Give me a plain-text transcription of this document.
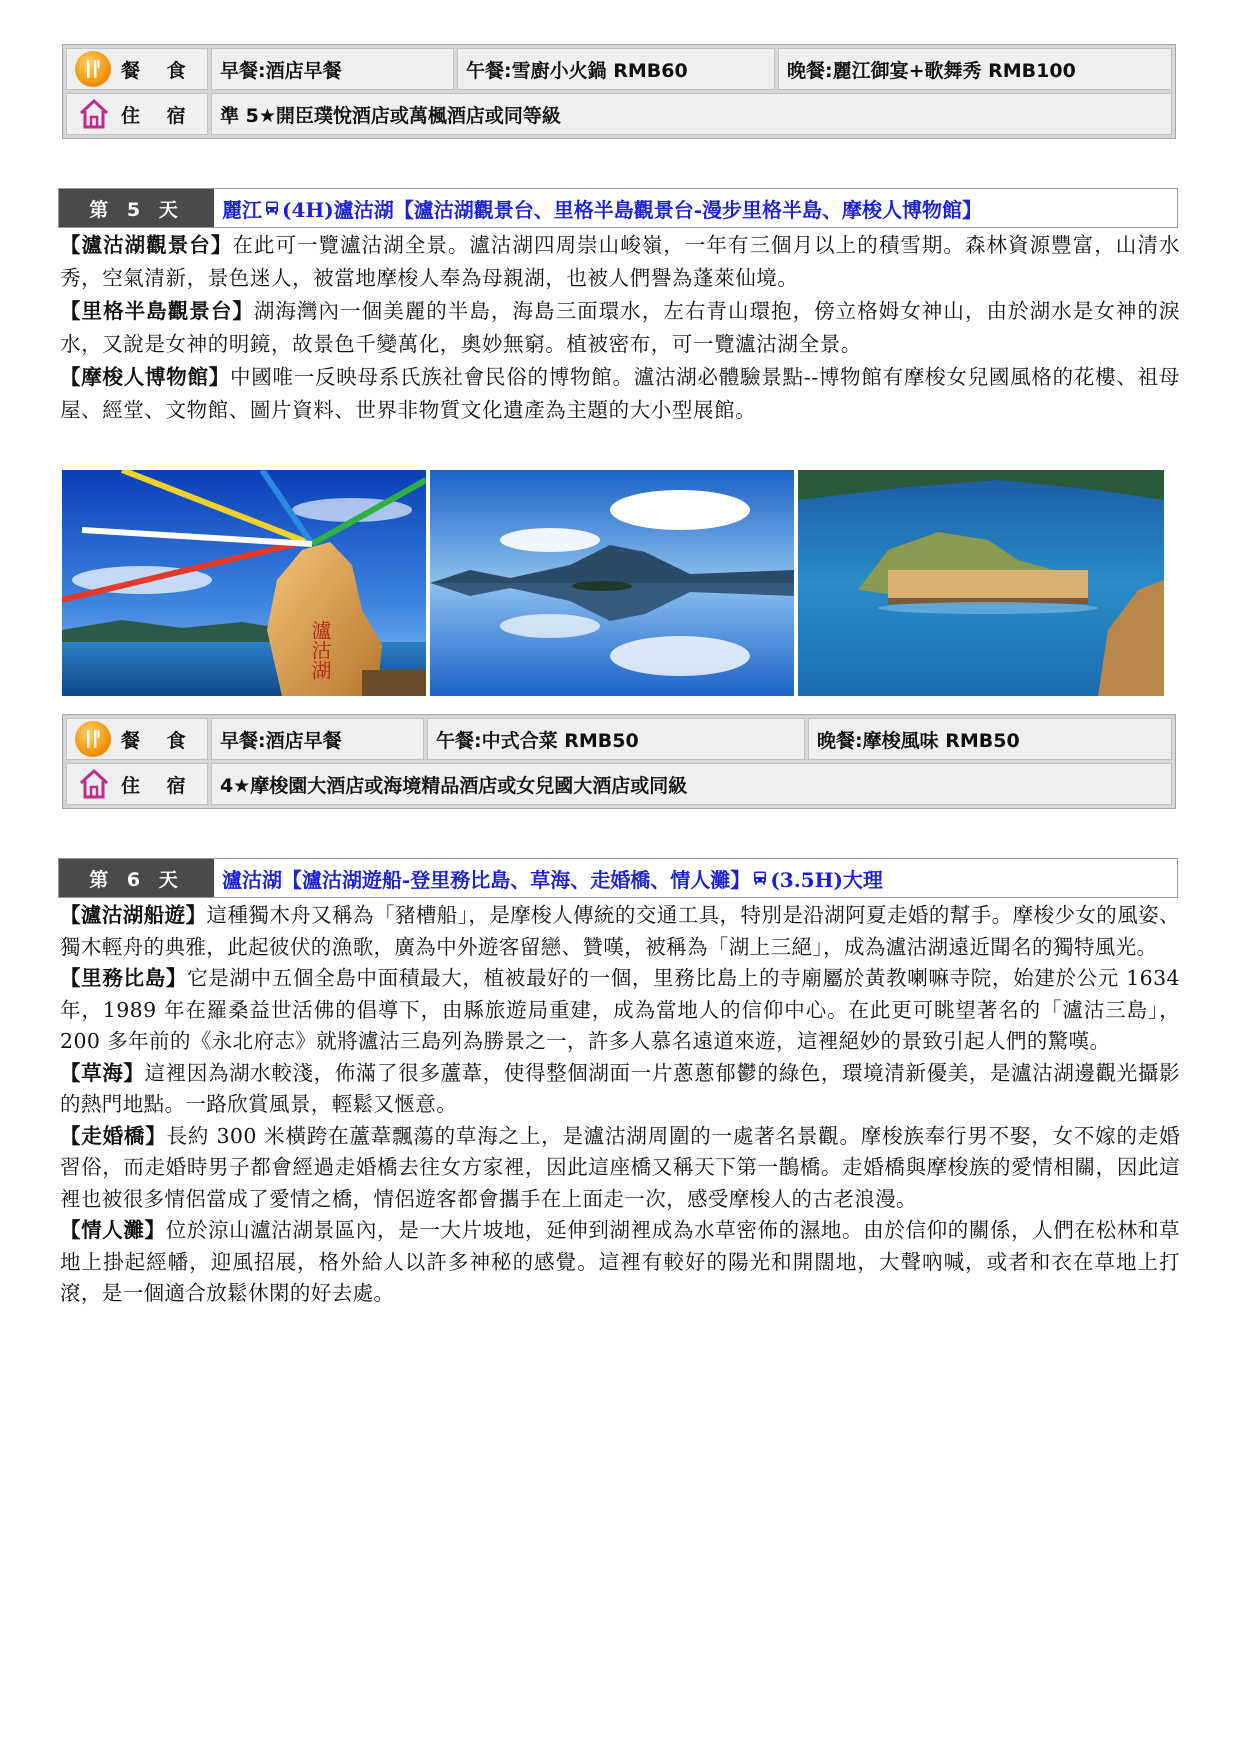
餐 食	早餐:酒店早餐	午餐:雪廚小火鍋 RMB60	晚餐:麗江御宴+歌舞秀 RMB100

住 宿	準 5★開臣璞悅酒店或萬楓酒店或同等級		
第 5 天	麗江 (4H)瀘沽湖【瀘沽湖觀景台、里格半島觀景台-漫步里格半島、摩梭人博物館】
【瀘沽湖觀景台】在此可一覽瀘沽湖全景。瀘沽湖四周崇山峻嶺，一年有三個月以上的積雪期。森林資源豐富，山清水秀，空氣清新，景色迷人，被當地摩梭人奉為母親湖，也被人們譽為蓬萊仙境。
【里格半島觀景台】湖海灣內一個美麗的半島，海島三面環水，左右青山環抱，傍立格姆女神山，由於湖水是女神的淚水，又說是女神的明鏡，故景色千變萬化，奧妙無窮。植被密布，可一覽瀘沽湖全景。
【摩梭人博物館】中國唯一反映母系氏族社會民俗的博物館。瀘沽湖必體驗景點--博物館有摩梭女兒國風格的花樓、祖母屋、經堂、文物館、圖片資料、世界非物質文化遺產為主題的大小型展館。
瀘沽湖
餐 食	早餐:酒店早餐	午餐:中式合菜 RMB50	晚餐:摩梭風味 RMB50

住 宿	4★摩梭園大酒店或海境精品酒店或女兒國大酒店或同級		
第 6 天	瀘沽湖【瀘沽湖遊船-登里務比島、草海、走婚橋、情人灘】 (3.5H)大理
【瀘沽湖船遊】這種獨木舟又稱為「豬槽船」，是摩梭人傳統的交通工具，特別是沿湖阿夏走婚的幫手。摩梭少女的風姿、獨木輕舟的典雅，此起彼伏的漁歌，廣為中外遊客留戀、贊嘆，被稱為「湖上三絕」，成為瀘沽湖遠近聞名的獨特風光。
【里務比島】它是湖中五個全島中面積最大，植被最好的一個，里務比島上的寺廟屬於黃教喇嘛寺院，始建於公元 1634 年，1989 年在羅桑益世活佛的倡導下，由縣旅遊局重建，成為當地人的信仰中心。在此更可眺望著名的「瀘沽三島」，200 多年前的《永北府志》就將瀘沽三島列為勝景之一，許多人慕名遠道來遊，這裡絕妙的景致引起人們的驚嘆。
【草海】這裡因為湖水較淺，佈滿了很多蘆葦，使得整個湖面一片蔥蔥郁鬱的綠色，環境清新優美，是瀘沽湖邊觀光攝影的熱門地點。一路欣賞風景，輕鬆又愜意。
【走婚橋】長約 300 米橫跨在蘆葦飄蕩的草海之上，是瀘沽湖周圍的一處著名景觀。摩梭族奉行男不娶，女不嫁的走婚習俗，而走婚時男子都會經過走婚橋去往女方家裡，因此這座橋又稱天下第一鵲橋。走婚橋與摩梭族的愛情相關，因此這裡也被很多情侶當成了愛情之橋，情侶遊客都會攜手在上面走一次，感受摩梭人的古老浪漫。
【情人灘】位於涼山瀘沽湖景區內，是一大片坡地，延伸到湖裡成為水草密佈的濕地。由於信仰的關係，人們在松林和草地上掛起經幡，迎風招展，格外給人以許多神秘的感覺。這裡有較好的陽光和開闊地，大聲吶喊，或者和衣在草地上打滾，是一個適合放鬆休閑的好去處。
